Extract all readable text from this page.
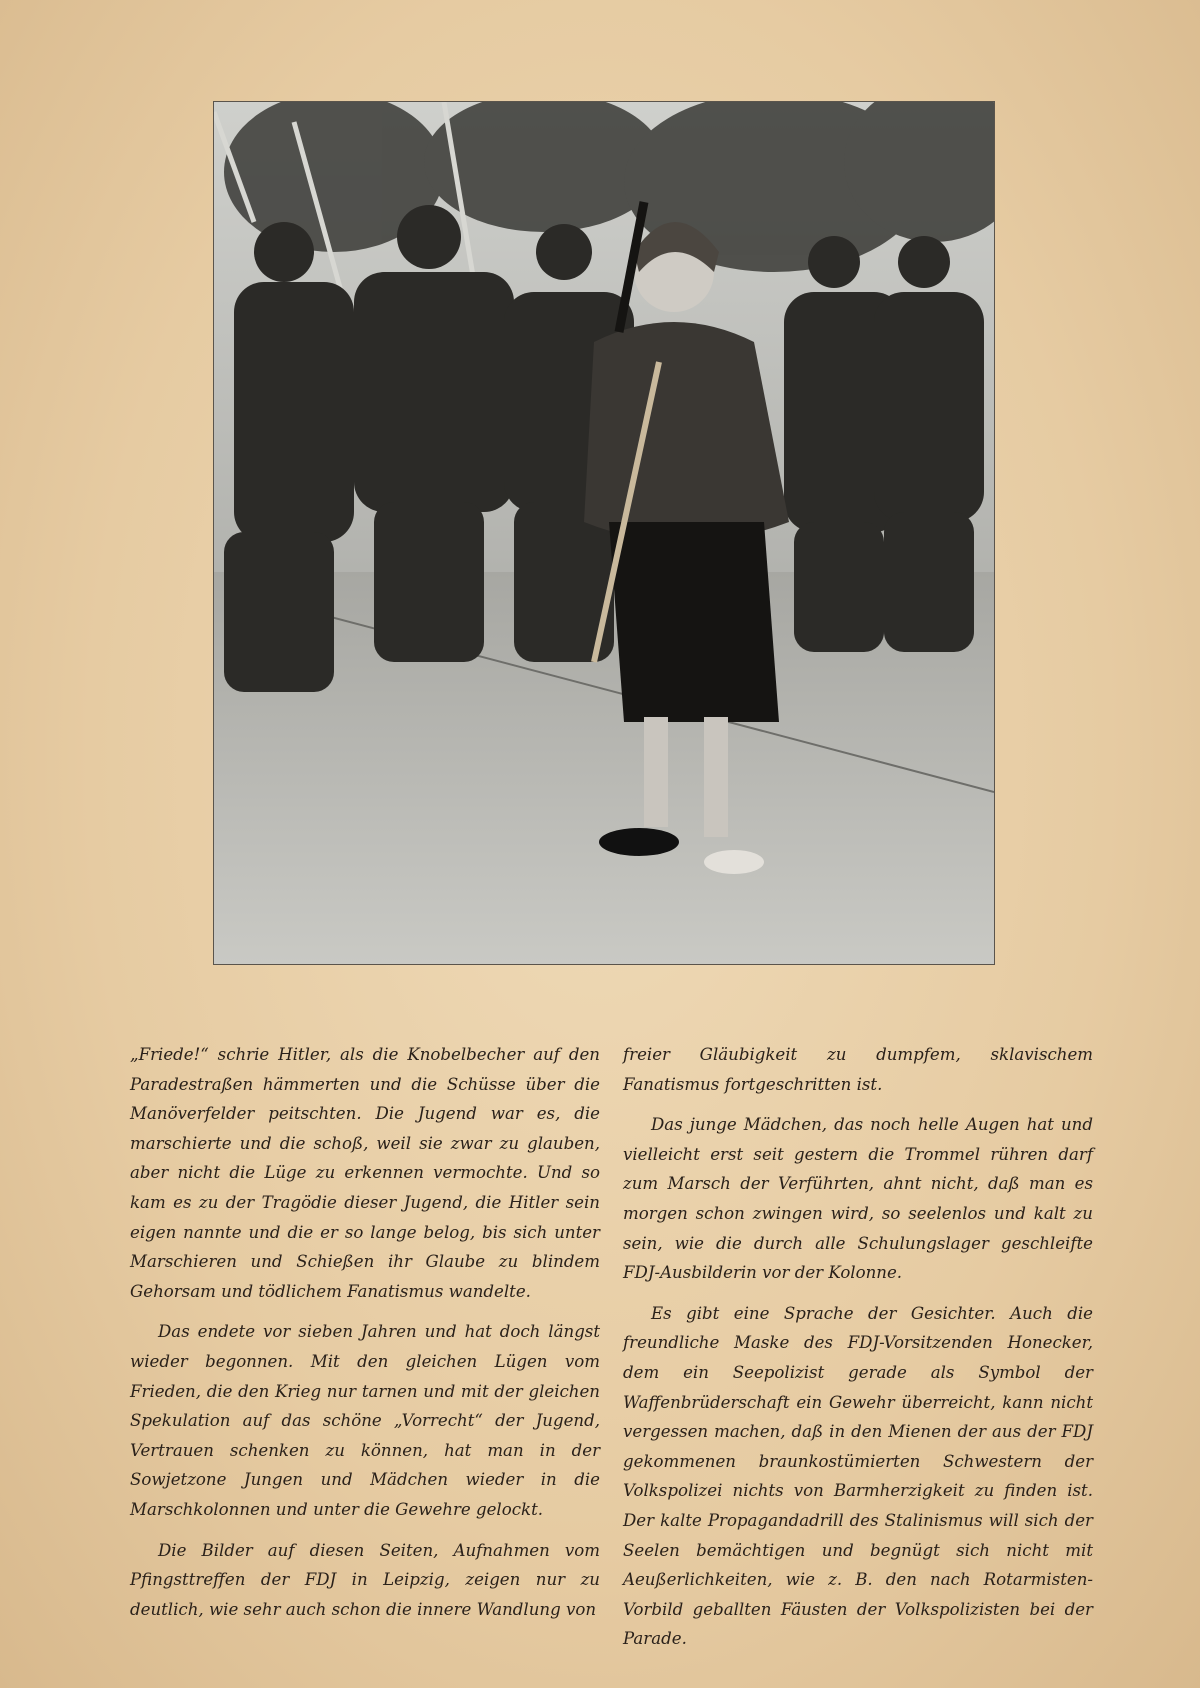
„Friede!“ schrie Hitler, als die Knobelbecher auf den Paradestraßen hämmerten und die Schüsse über die Manöverfelder peitschten. Die Jugend war es, die marschierte und die schoß, weil sie zwar zu glauben, aber nicht die Lüge zu erkennen vermochte. Und so kam es zu der Tragödie dieser Jugend, die Hitler sein eigen nannte und die er so lange belog, bis sich unter Marschieren und Schießen ihr Glaube zu blindem Gehorsam und tödlichem Fanatismus wandelte.

Das endete vor sieben Jahren und hat doch längst wieder begonnen. Mit den gleichen Lügen vom Frieden, die den Krieg nur tarnen und mit der gleichen Spekulation auf das schöne „Vorrecht“ der Jugend, Vertrauen schenken zu können, hat man in der Sowjetzone Jungen und Mädchen wieder in die Marschkolonnen und unter die Gewehre gelockt.

Die Bilder auf diesen Seiten, Aufnahmen vom Pfingsttreffen der FDJ in Leipzig, zeigen nur zu deutlich, wie sehr auch schon die innere Wandlung von

freier Gläubigkeit zu dumpfem, sklavischem Fanatismus fortgeschritten ist.

Das junge Mädchen, das noch helle Augen hat und vielleicht erst seit gestern die Trommel rühren darf zum Marsch der Verführten, ahnt nicht, daß man es morgen schon zwingen wird, so seelenlos und kalt zu sein, wie die durch alle Schulungslager geschleifte FDJ-Ausbilderin vor der Kolonne.

Es gibt eine Sprache der Gesichter. Auch die freundliche Maske des FDJ-Vorsitzenden Honecker, dem ein Seepolizist gerade als Symbol der Waffenbrüderschaft ein Gewehr überreicht, kann nicht vergessen machen, daß in den Mienen der aus der FDJ gekommenen braunkostümierten Schwestern der Volkspolizei nichts von Barmherzigkeit zu finden ist. Der kalte Propagandadrill des Stalinismus will sich der Seelen bemächtigen und begnügt sich nicht mit Aeußerlichkeiten, wie z. B. den nach Rotarmisten-Vorbild geballten Fäusten der Volkspolizisten bei der Parade.
